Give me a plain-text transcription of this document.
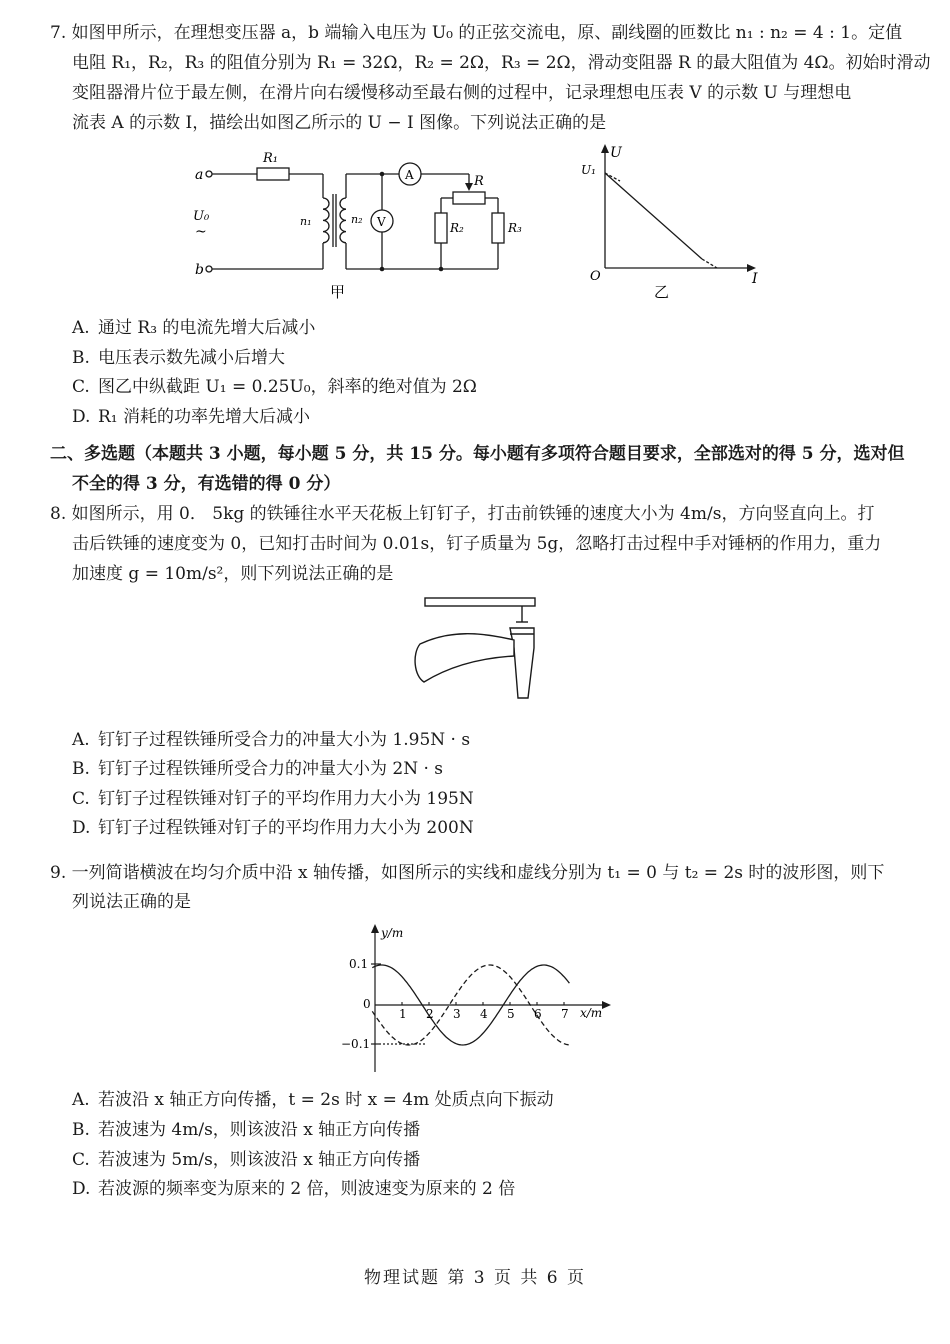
7. 如图甲所示，在理想变压器 a，b 端输入电压为 U₀ 的正弦交流电，原、副线圈的匝数比 n₁ : n₂ = 4 : 1。定值
电阻 R₁，R₂，R₃ 的阻值分别为 R₁ = 32Ω，R₂ = 2Ω，R₃ = 2Ω，滑动变阻器 R 的最大阻值为 4Ω。初始时滑动
变阻器滑片位于最左侧，在滑片向右缓慢移动至最右侧的过程中，记录理想电压表 V 的示数 U 与理想电
流表 A 的示数 I，描绘出如图乙所示的 U − I 图像。下列说法正确的是
a
b
U₀
~
R₁
n₁	n₂
A
V
R
R₂	R₃
甲
U
U₁
O	I
乙
A. 通过 R₃ 的电流先增大后减小
B. 电压表示数先减小后增大
C. 图乙中纵截距 U₁ = 0.25U₀，斜率的绝对值为 2Ω
D. R₁ 消耗的功率先增大后减小
二、多选题（本题共 3 小题，每小题 5 分，共 15 分。每小题有多项符合题目要求，全部选对的得 5 分，选对但
不全的得 3 分，有选错的得 0 分）
8. 如图所示，用 0． 5kg 的铁锤往水平天花板上钉钉子，打击前铁锤的速度大小为 4m/s，方向竖直向上。打
击后铁锤的速度变为 0，已知打击时间为 0.01s，钉子质量为 5g，忽略打击过程中手对锤柄的作用力，重力
加速度 g = 10m/s²，则下列说法正确的是
A. 钉钉子过程铁锤所受合力的冲量大小为 1.95N · s
B. 钉钉子过程铁锤所受合力的冲量大小为 2N · s
C. 钉钉子过程铁锤对钉子的平均作用力大小为 195N
D. 钉钉子过程铁锤对钉子的平均作用力大小为 200N
9. 一列简谐横波在均匀介质中沿 x 轴传播，如图所示的实线和虚线分别为 t₁ = 0 与 t₂ = 2s 时的波形图，则下
列说法正确的是
y/m
x/m
0.1
0
−0.1
1 2 3 4 5 6 7
A. 若波沿 x 轴正方向传播，t = 2s 时 x = 4m 处质点向下振动
B. 若波速为 4m/s，则该波沿 x 轴正方向传播
C. 若波速为 5m/s，则该波沿 x 轴正方向传播
D. 若波源的频率变为原来的 2 倍，则波速变为原来的 2 倍
物理试题 第 3 页 共 6 页
